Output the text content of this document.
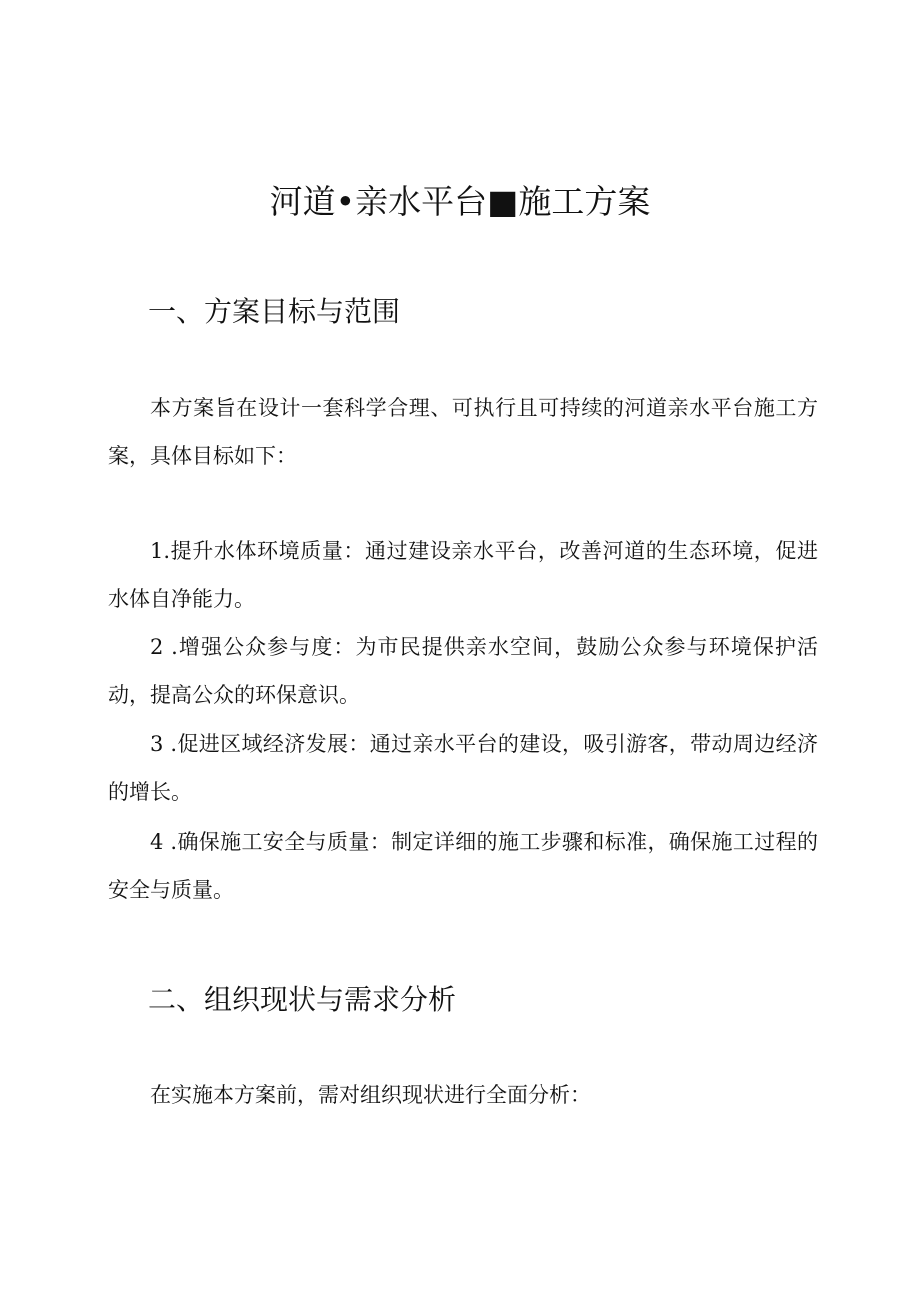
河道•亲水平台■施工方案
一、方案目标与范围

本方案旨在设计一套科学合理、可执行且可持续的河道亲水平台施工方案，具体目标如下：

1.提升水体环境质量：通过建设亲水平台，改善河道的生态环境，促进水体自净能力。

2 .增强公众参与度：为市民提供亲水空间，鼓励公众参与环境保护活动，提高公众的环保意识。

3 .促进区域经济发展：通过亲水平台的建设，吸引游客，带动周边经济的增长。

4 .确保施工安全与质量：制定详细的施工步骤和标准，确保施工过程的安全与质量。

二、组织现状与需求分析

在实施本方案前，需对组织现状进行全面分析：
